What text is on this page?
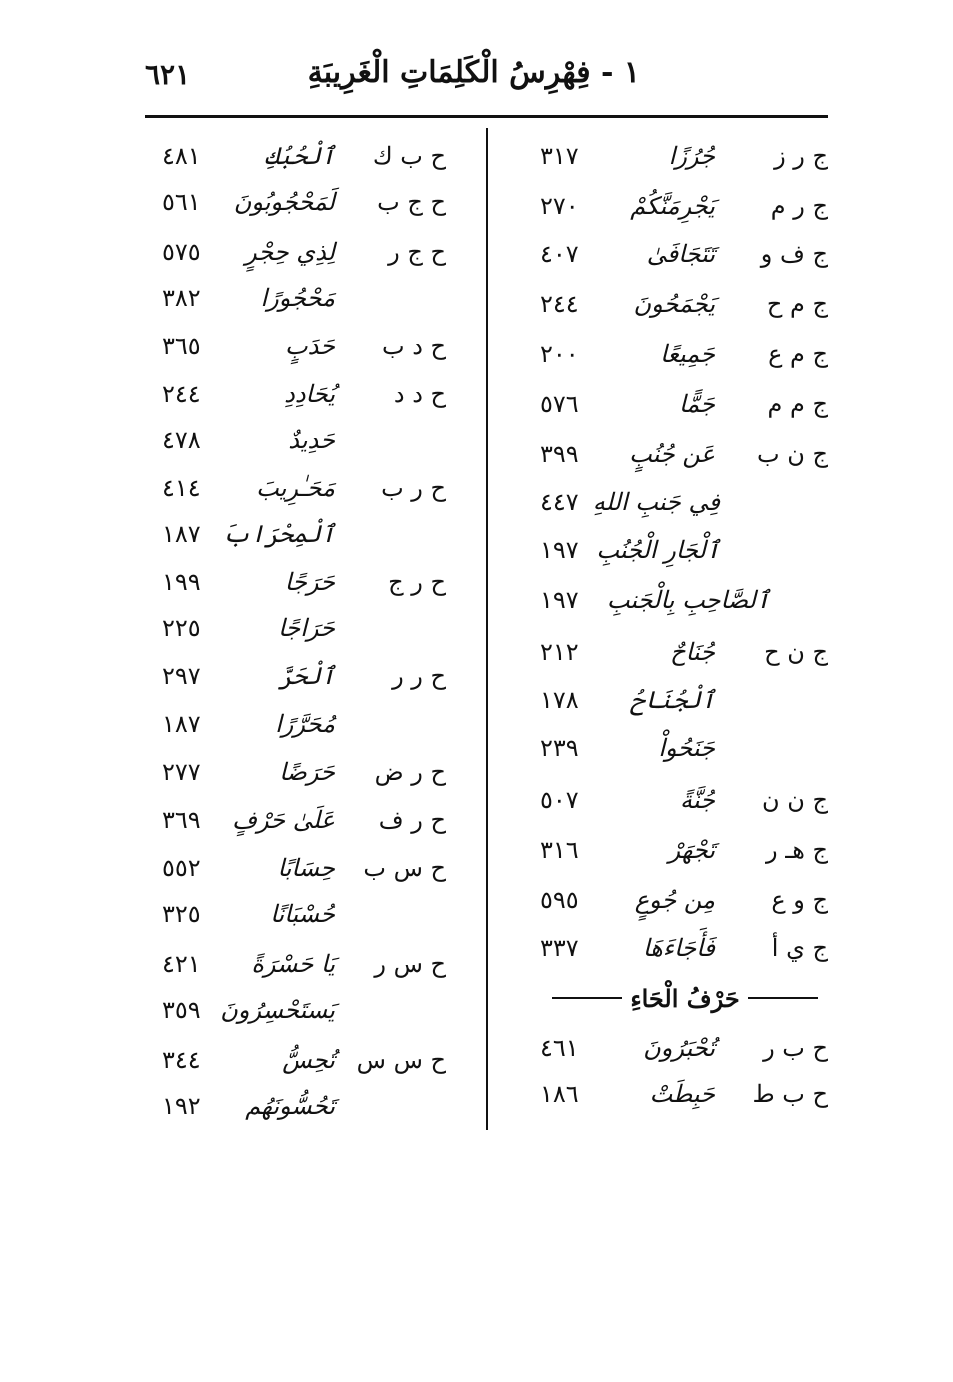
٦٢١	١ - فِهْرِسُ الْكَلِمَاتِ الْغَرِيبَةِ
ج ر ز
جُرُزًا
٣١٧
ج ر م
يَجْرِمَنَّكُمْ
٢٧٠
ج ف و
تَتَجَافَىٰ
٤٠٧
ج م ح
يَجْمَحُونَ
٢٤٤
ج م ع
جَمِيعًا
٢٠٠
ج م م
جَمًّا
٥٧٦
ج ن ب
عَن جُنُبٍ
٣٩٩
فِي جَنبِ اللهِ
٤٤٧
ٱلْجَارِ الْجُنُبِ
١٩٧
ٱلصَّاحِبِ بِالْجَنبِ
١٩٧
ج ن ح
جُنَاحٌ
٢١٢
ٱلْجُنَاحُ
١٧٨
جَنَحُواْ
٢٣٩
ج ن ن
جُنَّةً
٥٠٧
ج هـ ر
تَجْهَرْ
٣١٦
ج و ع
مِن جُوعٍ
٥٩٥
ج ي أ
فَأَجَاءَهَا
٣٣٧
حَرْفُ الْحَاءِ
ح ب ر
تُحْبَرُونَ
٤٦١
ح ب ط
حَبِطَتْ
١٨٦
ح ب ك
ٱلْحُبُكِ
٤٨١
ح ج ب
لَمَحْجُوبُونَ
٥٦١
ح ج ر
لِذِي حِجْرٍ
٥٧٥
مَحْجُورًا
٣٨٢
ح د ب
حَدَبٍ
٣٦٥
ح د د
يُحَادِدِ
٢٤٤
حَدِيدٌ
٤٧٨
ح ر ب
مَحَـٰرِيبَ
٤١٤
ٱلْمِحْرَابَ
١٨٧
ح ر ج
حَرَجًا
١٩٩
حَرَاجًا
٢٢٥
ح ر ر
ٱلْحَرَّ
٢٩٧
مُحَرَّرًا
١٨٧
ح ر ض
حَرَضًا
٢٧٧
ح ر ف
عَلَىٰ حَرْفٍ
٣٦٩
ح س ب
حِسَابًا
٥٥٢
حُسْبَانًا
٣٢٥
ح س ر
يَا حَسْرَةً
٤٢١
يَستَحْسِرُونَ
٣٥٩
ح س س
تُحِسُّ
٣٤٤
تَحُسُّونَهُم
١٩٢
